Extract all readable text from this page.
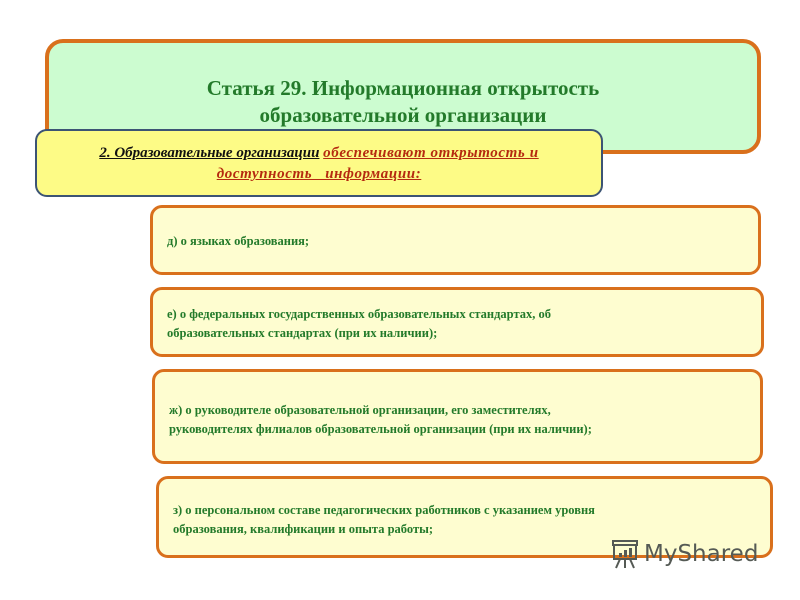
Статья 29. Информационная открытость
образовательной организации
2. Образовательные организации обеспечивают открытость и
доступность   информации:
д) о языках образования;
е) о федеральных государственных образовательных стандартах, об
образовательных стандартах (при их наличии);
ж) о руководителе образовательной организации, его заместителях,
руководителях филиалов образовательной организации (при их наличии);
з) о персональном составе педагогических работников с указанием уровня
образования, квалификации и опыта работы;
MyShared
